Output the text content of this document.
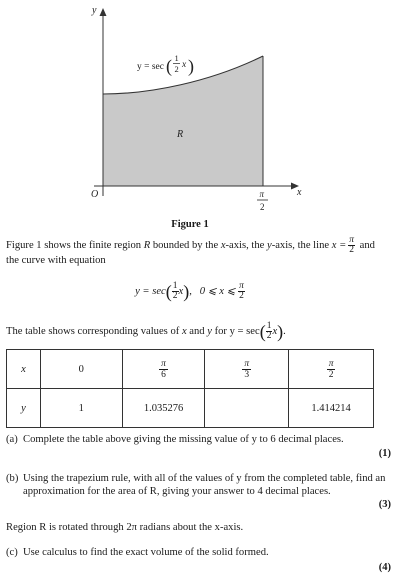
y
x
O
R
π
2
y = sec ( 1
2 x )
Figure 1
Figure 1 shows the finite region R bounded by the x-axis, the y-axis, the line $x = \frac{\pi}{2}$ and
the curve with equation
$y = \sec( \frac{1}{2} x)$,   0 ⩽ x ⩽ $\frac{\pi}{2}$
The table shows corresponding values of x and y for $y = \sec( \frac{1}{2} x)$.
x	0	$\frac{\pi}{6}$	$\frac{\pi}{3}$	$\frac{\pi}{2}$

y	1	1.035276		1.414214
(a) Complete the table above giving the missing value of y to 6 decimal places.
(1)
(b) Using the trapezium rule, with all of the values of y from the completed table, find an approximation for the area of R, giving your answer to 4 decimal places.
(3)
Region R is rotated through 2π radians about the x-axis.
(c) Use calculus to find the exact volume of the solid formed.
(4)
